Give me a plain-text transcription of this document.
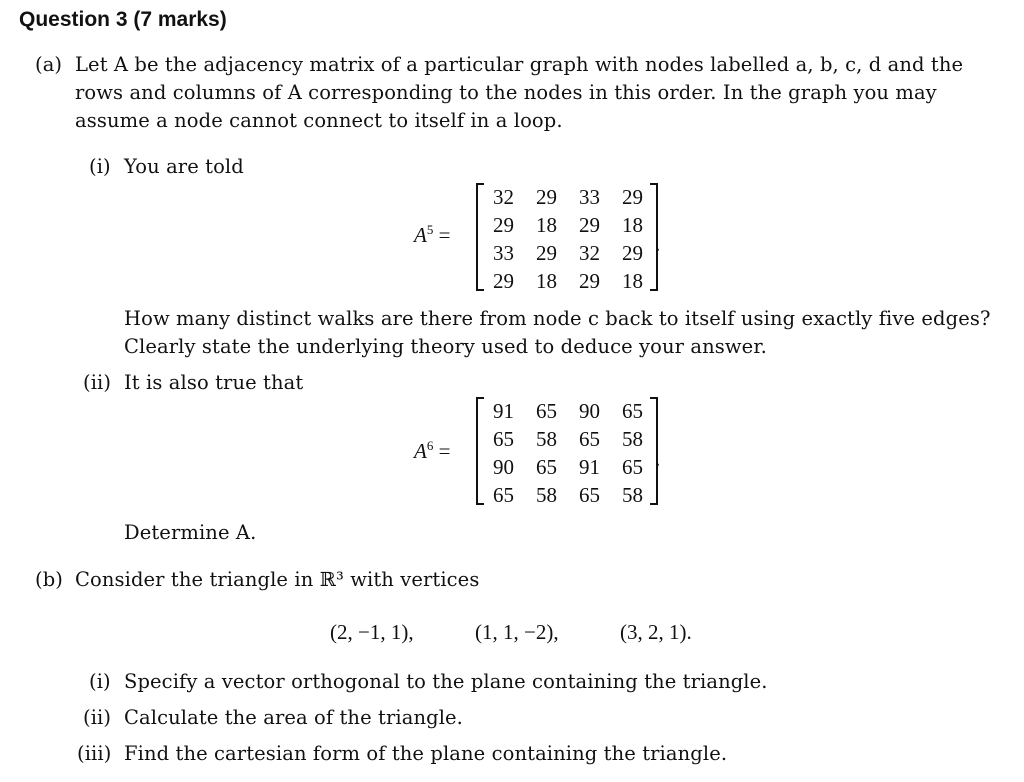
Question 3 (7 marks)
(a) Let A be the adjacency matrix of a particular graph with nodes labelled a, b, c, d and the
rows and columns of A corresponding to the nodes in this order. In the graph you may
assume a node cannot connect to itself in a loop.
(i) You are told
$A^5$ =
32	29	33	29
29	18	29	18
33	29	32	29
29	18	29	18
.
How many distinct walks are there from node c back to itself using exactly five edges?
Clearly state the underlying theory used to deduce your answer.
(ii) It is also true that
$A^6$ =
91	65	90	65
65	58	65	58
90	65	91	65
65	58	65	58
.
Determine A.
(b) Consider the triangle in ℝ³ with vertices
(2, −1, 1),	(1, 1, −2),	(3, 2, 1).
(i) Specify a vector orthogonal to the plane containing the triangle.
(ii) Calculate the area of the triangle.
(iii) Find the cartesian form of the plane containing the triangle.
